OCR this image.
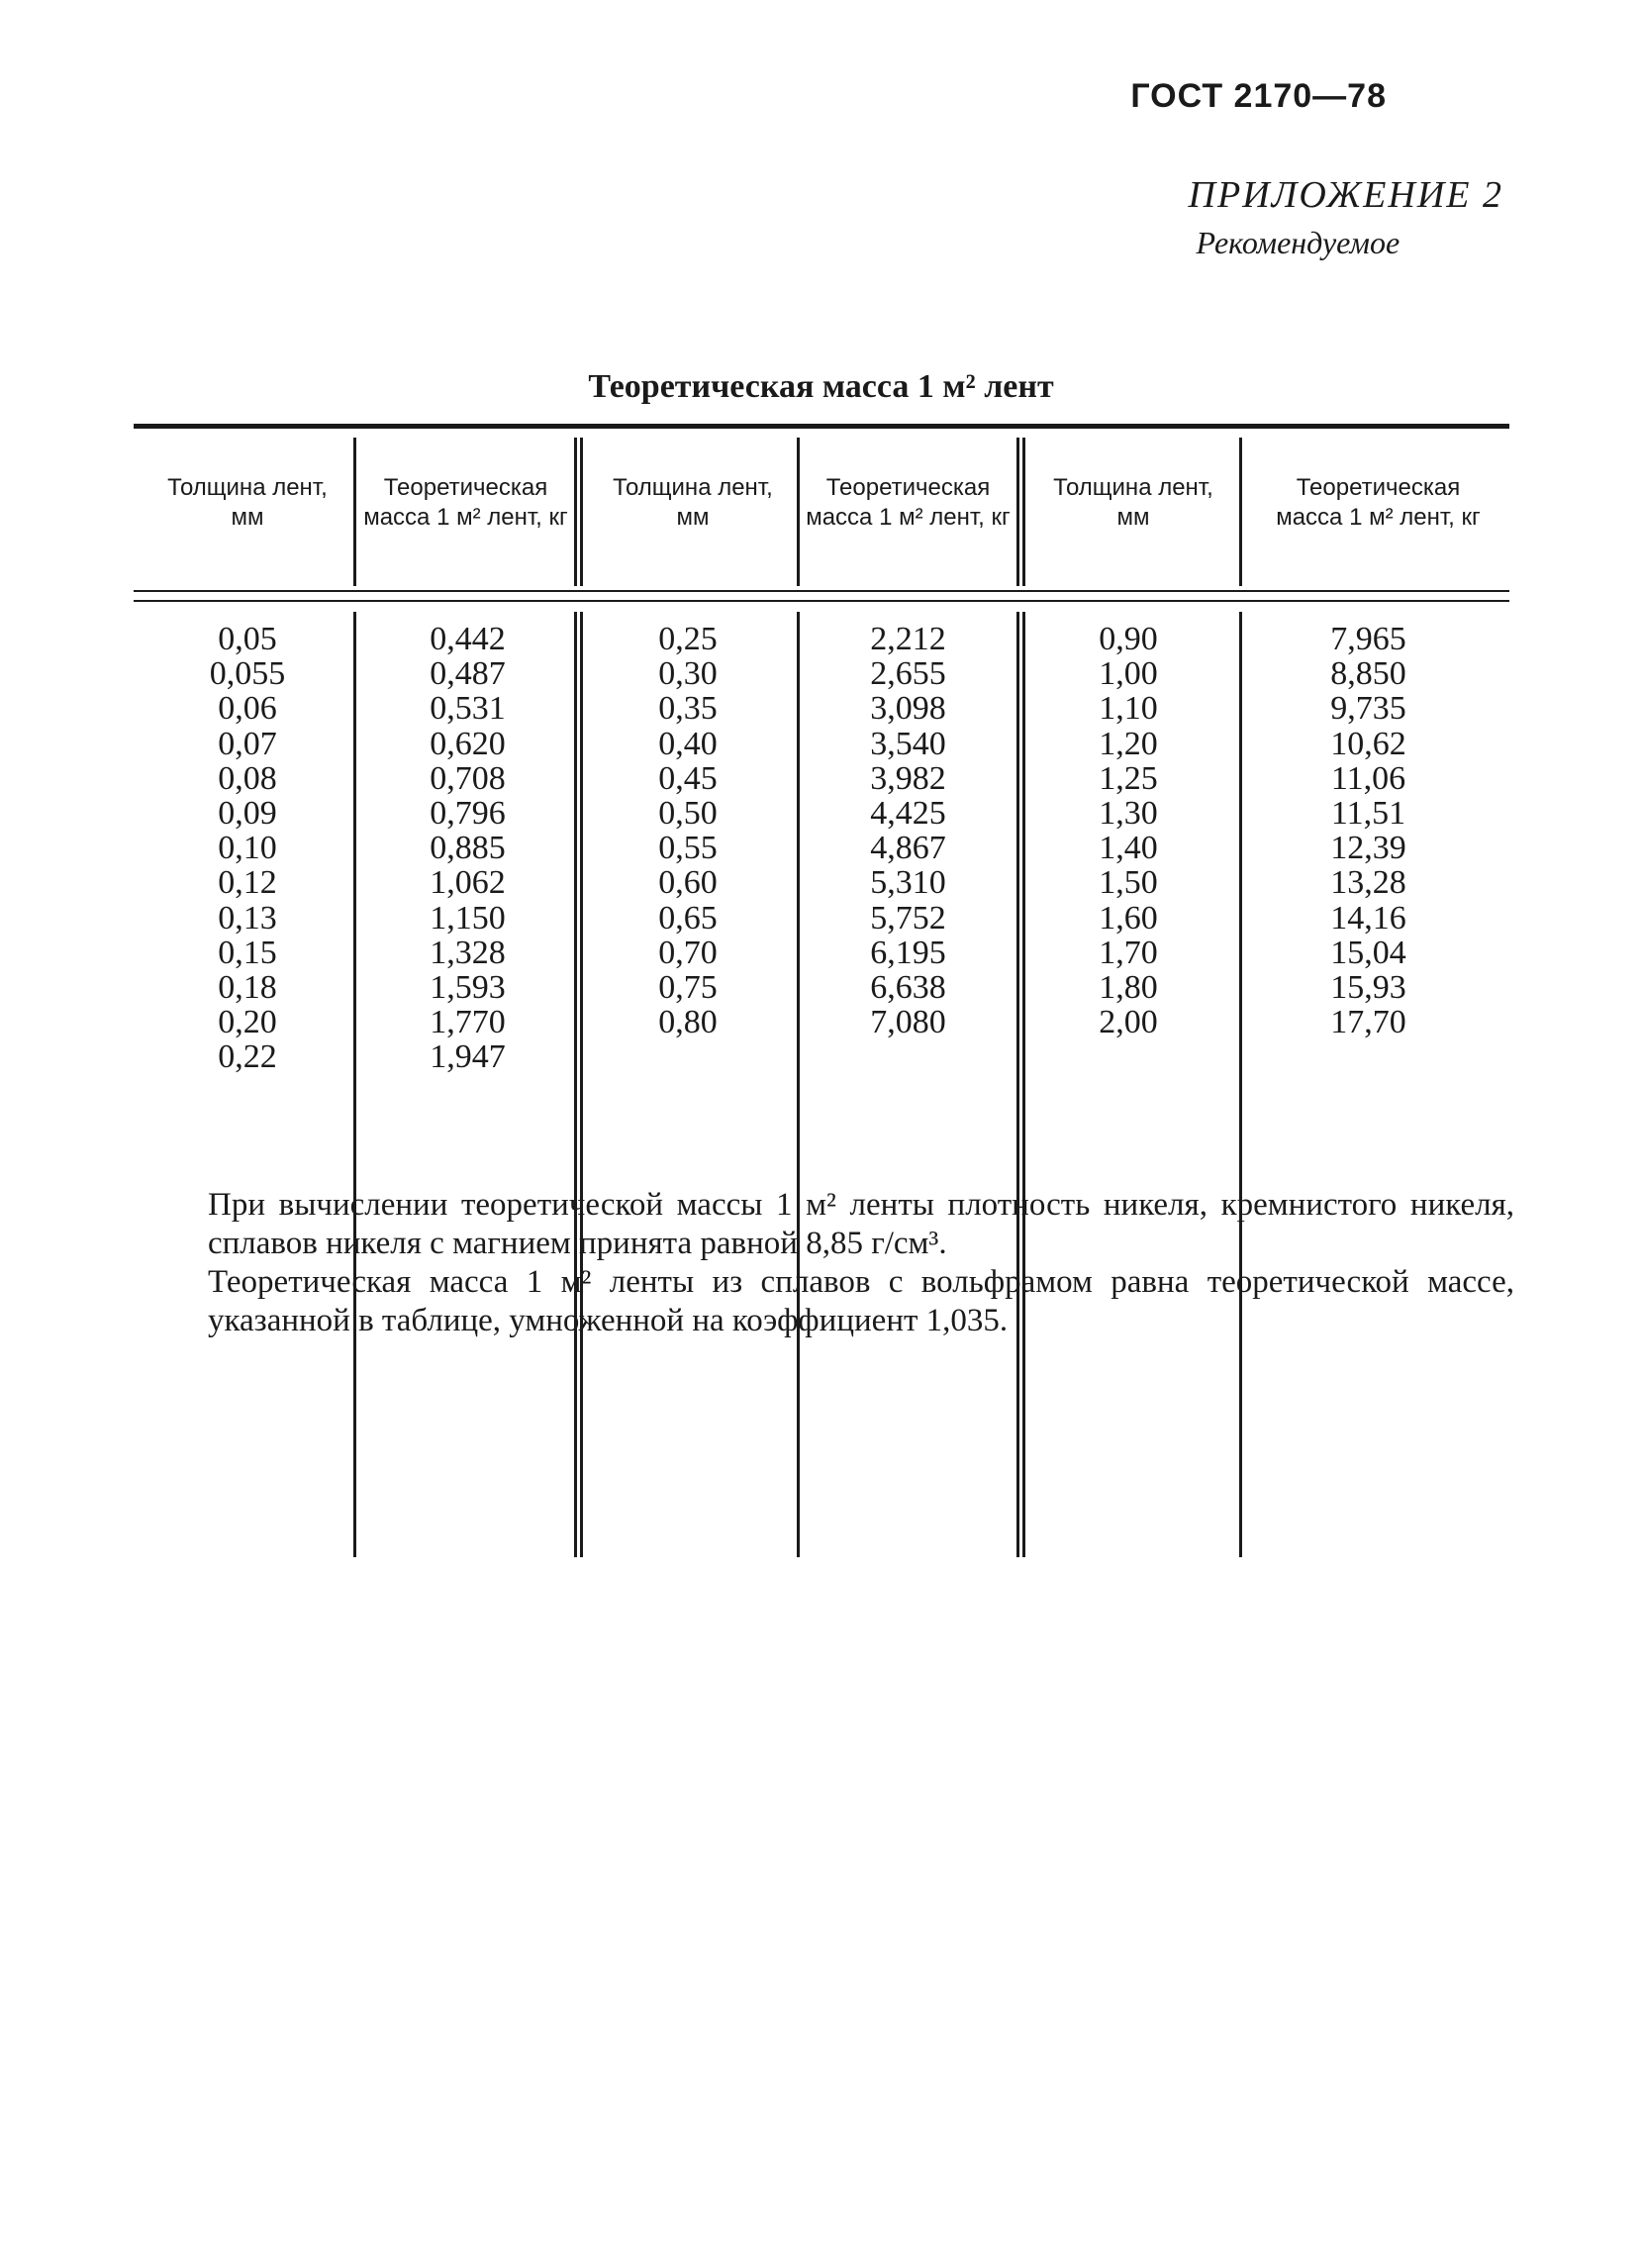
ГОСТ 2170—78
ПРИЛОЖЕНИЕ 2
Рекомендуемое
Теоретическая масса 1 м² лент
Толщина лент, мм
Теоретическая масса 1 м² лент, кг
Толщина лент, мм
Теоретическая масса 1 м² лент, кг
Толщина лент, мм
Теоретическая масса 1 м² лент, кг
0,05
0,055
0,06
0,07
0,08
0,09
0,10
0,12
0,13
0,15
0,18
0,20
0,22
0,442
0,487
0,531
0,620
0,708
0,796
0,885
1,062
1,150
1,328
1,593
1,770
1,947
0,25
0,30
0,35
0,40
0,45
0,50
0,55
0,60
0,65
0,70
0,75
0,80
2,212
2,655
3,098
3,540
3,982
4,425
4,867
5,310
5,752
6,195
6,638
7,080
0,90
1,00
1,10
1,20
1,25
1,30
1,40
1,50
1,60
1,70
1,80
2,00
7,965
8,850
9,735
10,62
11,06
11,51
12,39
13,28
14,16
15,04
15,93
17,70

При вычислении теоретической массы 1 м² ленты плотность никеля, кремнистого никеля, сплавов никеля с магнием принята равной 8,85 г/см³.

Теоретическая масса 1 м² ленты из сплавов с вольфрамом равна теоретической массе, указанной в таблице, умноженной на коэффициент 1,035.
